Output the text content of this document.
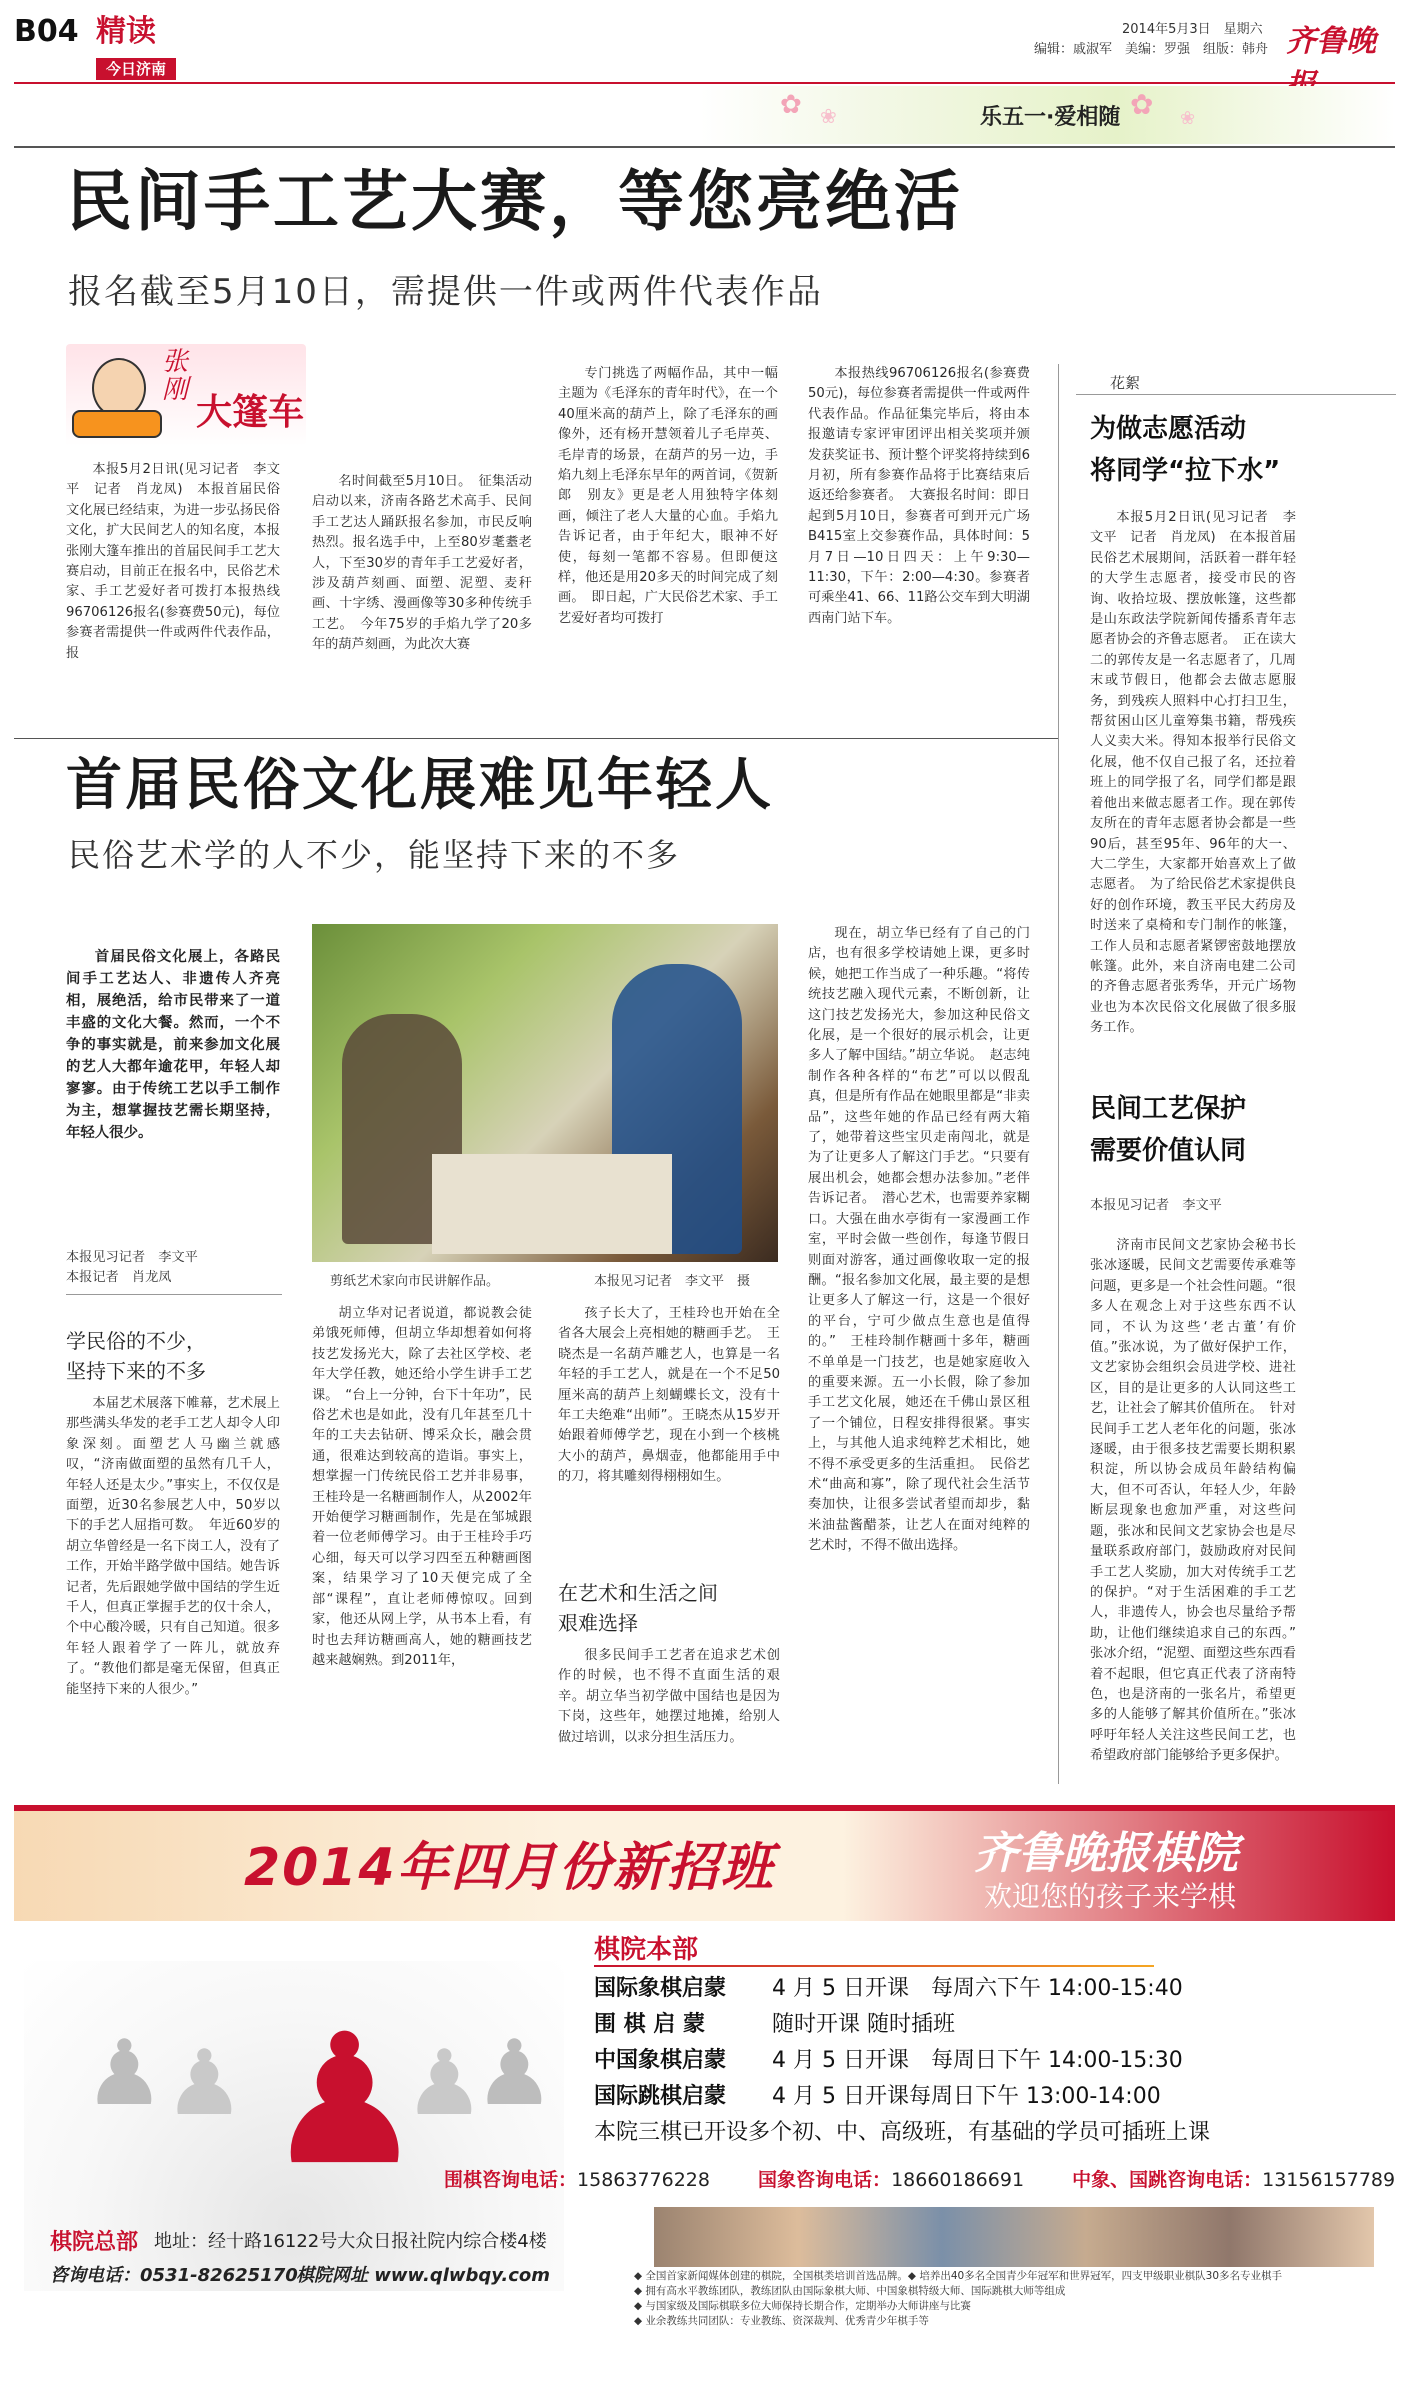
B04 精读
今日济南
2014年5月3日　星期六
编辑：戚淑军　美编：罗强　组版：韩舟 齐鲁晚
✿ ❀	✿ ❀
乐五一·爱相随
民间手工艺大赛，等您亮绝活
报名截至5月10日，需提供一件或两件代表作品
张刚
大篷车

本报5月2日讯(见习记者　李文平　记者　肖龙凤)　本报首届民俗文化展已经结束，为进一步弘扬民俗文化，扩大民间艺人的知名度，本报张刚大篷车推出的首届民间手工艺大赛启动，目前正在报名中，民俗艺术家、手工艺爱好者可拨打本报热线96706126报名(参赛费50元)，每位参赛者需提供一件或两件代表作品，报

名时间截至5月10日。　征集活动启动以来，济南各路艺术高手、民间手工艺达人踊跃报名参加，市民反响热烈。报名选手中，上至80岁耄耋老人，下至30岁的青年手工艺爱好者，涉及葫芦刻画、面塑、泥塑、麦秆画、十字绣、漫画像等30多种传统手工艺。　今年75岁的手焰九学了20多年的葫芦刻画，为此次大赛

专门挑选了两幅作品，其中一幅主题为《毛泽东的青年时代》，在一个40厘米高的葫芦上，除了毛泽东的画像外，还有杨开慧领着儿子毛岸英、毛岸青的场景，在葫芦的另一边，手焰九刻上毛泽东早年的两首词，《贺新郎　别友》更是老人用独特字体刻画，倾注了老人大量的心血。手焰九告诉记者，由于年纪大，眼神不好使，每刻一笔都不容易。但即便这样，他还是用20多天的时间完成了刻画。　即日起，广大民俗艺术家、手工艺爱好者均可拨打

本报热线96706126报名(参赛费50元)，每位参赛者需提供一件或两件代表作品。作品征集完毕后，将由本报邀请专家评审团评出相关奖项并颁发获奖证书、预计整个评奖将持续到6月初，所有参赛作品将于比赛结束后返还给参赛者。　大赛报名时间：即日起到5月10日，参赛者可到开元广场B415室上交参赛作品，具体时间：5月7日—10日四天：上午9:30—11:30，下午：2:00—4:30。参赛者可乘坐41、66、11路公交车到大明湖西南门站下车。

花絮
为做志愿活动
将同学“拉下水”

本报5月2日讯(见习记者　李文平　记者　肖龙凤)　在本报首届民俗艺术展期间，活跃着一群年轻的大学生志愿者，接受市民的咨询、收拾垃圾、摆放帐篷，这些都是山东政法学院新闻传播系青年志愿者协会的齐鲁志愿者。　正在读大二的郭传友是一名志愿者了，几周末或节假日，他都会去做志愿服务，到残疾人照料中心打扫卫生，帮贫困山区儿童筹集书籍，帮残疾人义卖大米。得知本报举行民俗文化展，他不仅自己报了名，还拉着班上的同学报了名，同学们都是跟着他出来做志愿者工作。现在郭传友所在的青年志愿者协会都是一些90后，甚至95年、96年的大一、大二学生，大家都开始喜欢上了做志愿者。　为了给民俗艺术家提供良好的创作环境，教玉平民大药房及时送来了桌椅和专门制作的帐篷，工作人员和志愿者紧锣密鼓地摆放帐篷。此外，来自济南电建二公司的齐鲁志愿者张秀华，开元广场物业也为本次民俗文化展做了很多服务工作。

民间工艺保护
需要价值认同
本报见习记者　李文平

济南市民间文艺家协会秘书长张冰逐暖，民间文艺需要传承难等问题，更多是一个社会性问题。“很多人在观念上对于这些东西不认同，不认为这些‘老古董’有价值。”张冰说，为了做好保护工作，文艺家协会组织会员进学校、进社区，目的是让更多的人认同这些工艺，让社会了解其价值所在。　针对民间手工艺人老年化的问题，张冰逐暖，由于很多技艺需要长期积累积淀，所以协会成员年龄结构偏大，但不可否认，年轻人少，年龄断层现象也愈加严重，对这些问题，张冰和民间文艺家协会也是尽量联系政府部门，鼓励政府对民间手工艺人奖励，加大对传统手工艺的保护。“对于生活困难的手工艺人，非遗传人，协会也尽量给予帮助，让他们继续追求自己的东西。”　张冰介绍，“泥塑、面塑这些东西看着不起眼，但它真正代表了济南特色，也是济南的一张名片，希望更多的人能够了解其价值所在。”张冰呼吁年轻人关注这些民间工艺，也希望政府部门能够给予更多保护。

首届民俗文化展难见年轻人
民俗艺术学的人不少，能坚持下来的不多

首届民俗文化展上，各路民间手工艺达人、非遗传人齐亮相，展绝活，给市民带来了一道丰盛的文化大餐。然而，一个不争的事实就是，前来参加文化展的艺人大都年逾花甲，年轻人却寥寥。由于传统工艺以手工制作为主，想掌握技艺需长期坚持，年轻人很少。

本报见习记者　李文平
本报记者　肖龙凤	剪纸艺术家向市民讲解作品。	本报见习记者　李文平　摄

现在，胡立华已经有了自己的门店，也有很多学校请她上课，更多时候，她把工作当成了一种乐趣。“将传统技艺融入现代元素，不断创新，让这门技艺发扬光大，参加这种民俗文化展，是一个很好的展示机会，让更多人了解中国结。”胡立华说。　赵志纯制作各种各样的“布艺”可以以假乱真，但是所有作品在她眼里都是“非卖品”，这些年她的作品已经有两大箱了，她带着这些宝贝走南闯北，就是为了让更多人了解这门手艺。“只要有展出机会，她都会想办法参加。”老伴告诉记者。　潜心艺术，也需要养家糊口。大强在曲水亭街有一家漫画工作室，平时会做一些创作，每逢节假日则面对游客，通过画像收取一定的报酬。“报名参加文化展，最主要的是想让更多人了解这一行，这是一个很好的平台，宁可少做点生意也是值得的。”　王桂玲制作糖画十多年，糖画不单单是一门技艺，也是她家庭收入的重要来源。五一小长假，除了参加手工艺文化展，她还在千佛山景区租了一个铺位，日程安排得很紧。事实上，与其他人追求纯粹艺术相比，她不得不承受更多的生活重担。　民俗艺术“曲高和寡”，除了现代社会生活节奏加快，让很多尝试者望而却步，黏米油盐酱醋茶，让艺人在面对纯粹的艺术时，不得不做出选择。

学民俗的不少，
坚持下来的不多

本届艺术展落下帷幕，艺术展上那些满头华发的老手工艺人却令人印象深刻。面塑艺人马幽兰就感叹，“济南做面塑的虽然有几千人，年轻人还是太少。”事实上，不仅仅是面塑，近30名参展艺人中，50岁以下的手艺人屈指可数。　年近60岁的胡立华曾经是一名下岗工人，没有了工作，开始半路学做中国结。她告诉记者，先后跟她学做中国结的学生近千人，但真正掌握手艺的仅十余人，个中心酸冷暖，只有自己知道。很多年轻人跟着学了一阵儿，就放弃了。“教他们都是毫无保留，但真正能坚持下来的人很少。”

胡立华对记者说道，都说教会徒弟饿死师傅，但胡立华却想着如何将技艺发扬光大，除了去社区学校、老年大学任教，她还给小学生讲手工艺课。　“台上一分钟，台下十年功”，民俗艺术也是如此，没有几年甚至几十年的工夫去钻研、博采众长，融会贯通，很难达到较高的造诣。事实上，想掌握一门传统民俗工艺并非易事，王桂玲是一名糖画制作人，从2002年开始便学习糖画制作，先是在邹城跟着一位老师傅学习。由于王桂玲手巧心细，每天可以学习四至五种糖画图案，结果学习了10天便完成了全部“课程”，直让老师傅惊叹。回到家，他还从网上学，从书本上看，有时也去拜访糖画高人，她的糖画技艺越来越娴熟。到2011年，

孩子长大了，王桂玲也开始在全省各大展会上亮相她的糖画手艺。　王晓杰是一名葫芦雕艺人，也算是一名年轻的手工艺人，就是在一个不足50厘米高的葫芦上刻蝴蝶长文，没有十年工夫绝难“出师”。王晓杰从15岁开始跟着师傅学艺，现在小到一个核桃大小的葫芦，鼻烟壶，他都能用手中的刀，将其雕刻得栩栩如生。

在艺术和生活之间
艰难选择

很多民间手工艺者在追求艺术创作的时候，也不得不直面生活的艰辛。胡立华当初学做中国结也是因为下岗，这些年，她摆过地摊，给别人做过培训，以求分担生活压力。

2014年四月份新招班	齐鲁晚报棋院
欢迎您的孩子来学棋
♟
♟ ♟ ♟
♟
棋院本部
国际象棋启蒙 4 月 5 日开课　每周六下午 14:00-15:40
围 棋 启 蒙	随时开课 随时插班
中国象棋启蒙 4 月 5 日开课　每周日下午 14:00-15:30
国际跳棋启蒙 4 月 5 日开课每周日下午 13:00-14:00
本院三棋已开设多个初、中、高级班，有基础的学员可插班上课
围棋咨询电话：15863776228	国象咨询电话：18660186691	中象、国跳咨询电话：13156157789
棋院总部 地址：经十路16122号大众日报社院内综合楼4楼
咨询电话：0531-82625170
棋院网址 www.qlwbqy.com	◆ 全国首家新闻媒体创建的棋院，全国棋类培训首选品牌。◆ 培养出40多名全国青少年冠军和世界冠军，四支甲级职业棋队30多名专业棋手
◆ 拥有高水平教练团队，教练团队由国际象棋大师、中国象棋特级大师、国际跳棋大师等组成
◆ 与国家级及国际棋联多位大师保持长期合作，定期举办大师讲座与比赛
◆ 业余教练共同团队：专业教练、资深裁判、优秀青少年棋手等
